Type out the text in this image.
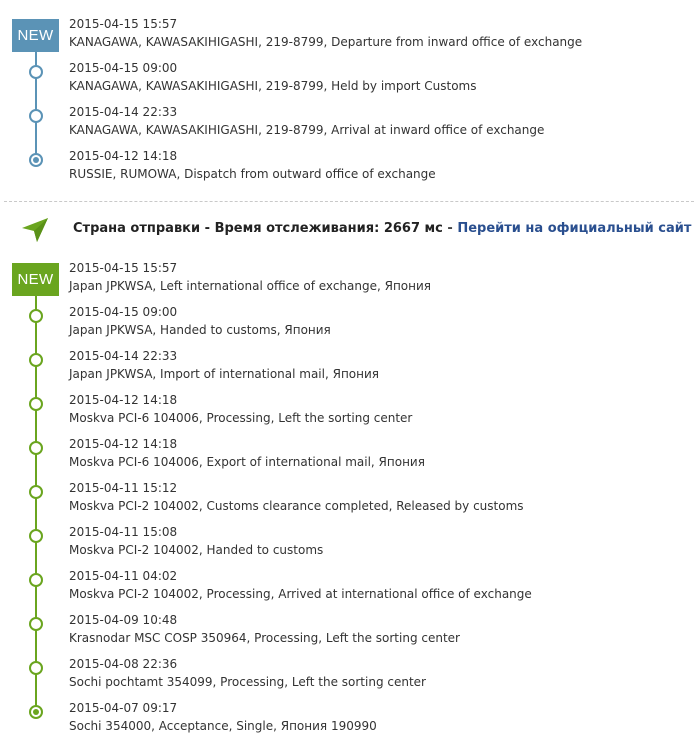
NEW
2015-04-15 15:57
KANAGAWA, KAWASAKIHIGASHI, 219-8799, Departure from inward office of exchange
2015-04-15 09:00
KANAGAWA, KAWASAKIHIGASHI, 219-8799, Held by import Customs
2015-04-14 22:33
KANAGAWA, KAWASAKIHIGASHI, 219-8799, Arrival at inward office of exchange
2015-04-12 14:18
RUSSIE, RUMOWA, Dispatch from outward office of exchange
Страна отправки - Время отслеживания: 2667 мс - Перейти на официальный сайт
NEW
2015-04-15 15:57
Japan JPKWSA, Left international office of exchange, Япония
2015-04-15 09:00
Japan JPKWSA, Handed to customs, Япония
2015-04-14 22:33
Japan JPKWSA, Import of international mail, Япония
2015-04-12 14:18
Moskva PCI-6 104006, Processing, Left the sorting center
2015-04-12 14:18
Moskva PCI-6 104006, Export of international mail, Япония
2015-04-11 15:12
Moskva PCI-2 104002, Customs clearance completed, Released by customs
2015-04-11 15:08
Moskva PCI-2 104002, Handed to customs
2015-04-11 04:02
Moskva PCI-2 104002, Processing, Arrived at international office of exchange
2015-04-09 10:48
Krasnodar MSC COSP 350964, Processing, Left the sorting center
2015-04-08 22:36
Sochi pochtamt 354099, Processing, Left the sorting center
2015-04-07 09:17
Sochi 354000, Acceptance, Single, Япония 190990
